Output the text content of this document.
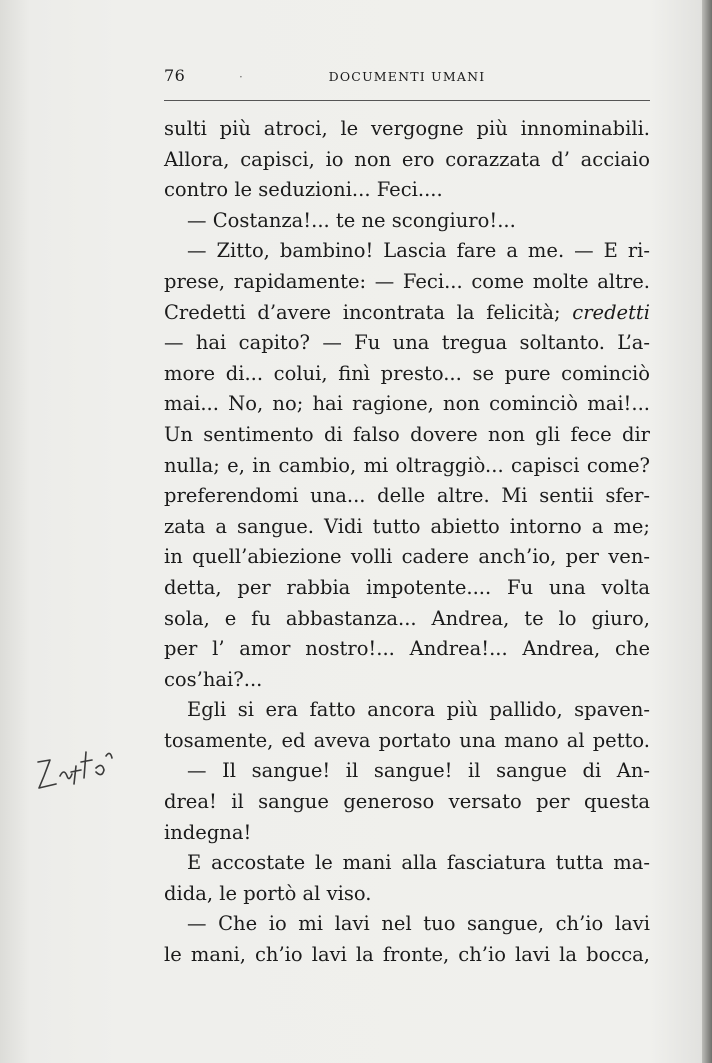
76	·	DOCUMENTI UMANI
sulti più atroci, le vergogne più innominabili.
Allora, capisci, io non ero corazzata d’ acciaio
contro le seduzioni... Feci....
— Costanza!... te ne scongiuro!...
— Zitto, bambino! Lascia fare a me. — E ri-
prese, rapidamente: — Feci... come molte altre.
Credetti d’avere incontrata la felicità; credetti
— hai capito? — Fu una tregua soltanto. L’a-
more di... colui, finì presto... se pure cominciò
mai... No, no; hai ragione, non cominciò mai!...
Un sentimento di falso dovere non gli fece dir
nulla; e, in cambio, mi oltraggiò... capisci come?
preferendomi una... delle altre. Mi sentii sfer-
zata a sangue. Vidi tutto abietto intorno a me;
in quell’abiezione volli cadere anch’io, per ven-
detta, per rabbia impotente.... Fu una volta
sola, e fu abbastanza... Andrea, te lo giuro,
per l’ amor nostro!... Andrea!... Andrea, che
cos’hai?...
Egli si era fatto ancora più pallido, spaven-
tosamente, ed aveva portato una mano al petto.
— Il sangue! il sangue! il sangue di An-
drea! il sangue generoso versato per questa
indegna!
E accostate le mani alla fasciatura tutta ma-
dida, le portò al viso.
— Che io mi lavi nel tuo sangue, ch’io lavi
le mani, ch’io lavi la fronte, ch’io lavi la bocca,
